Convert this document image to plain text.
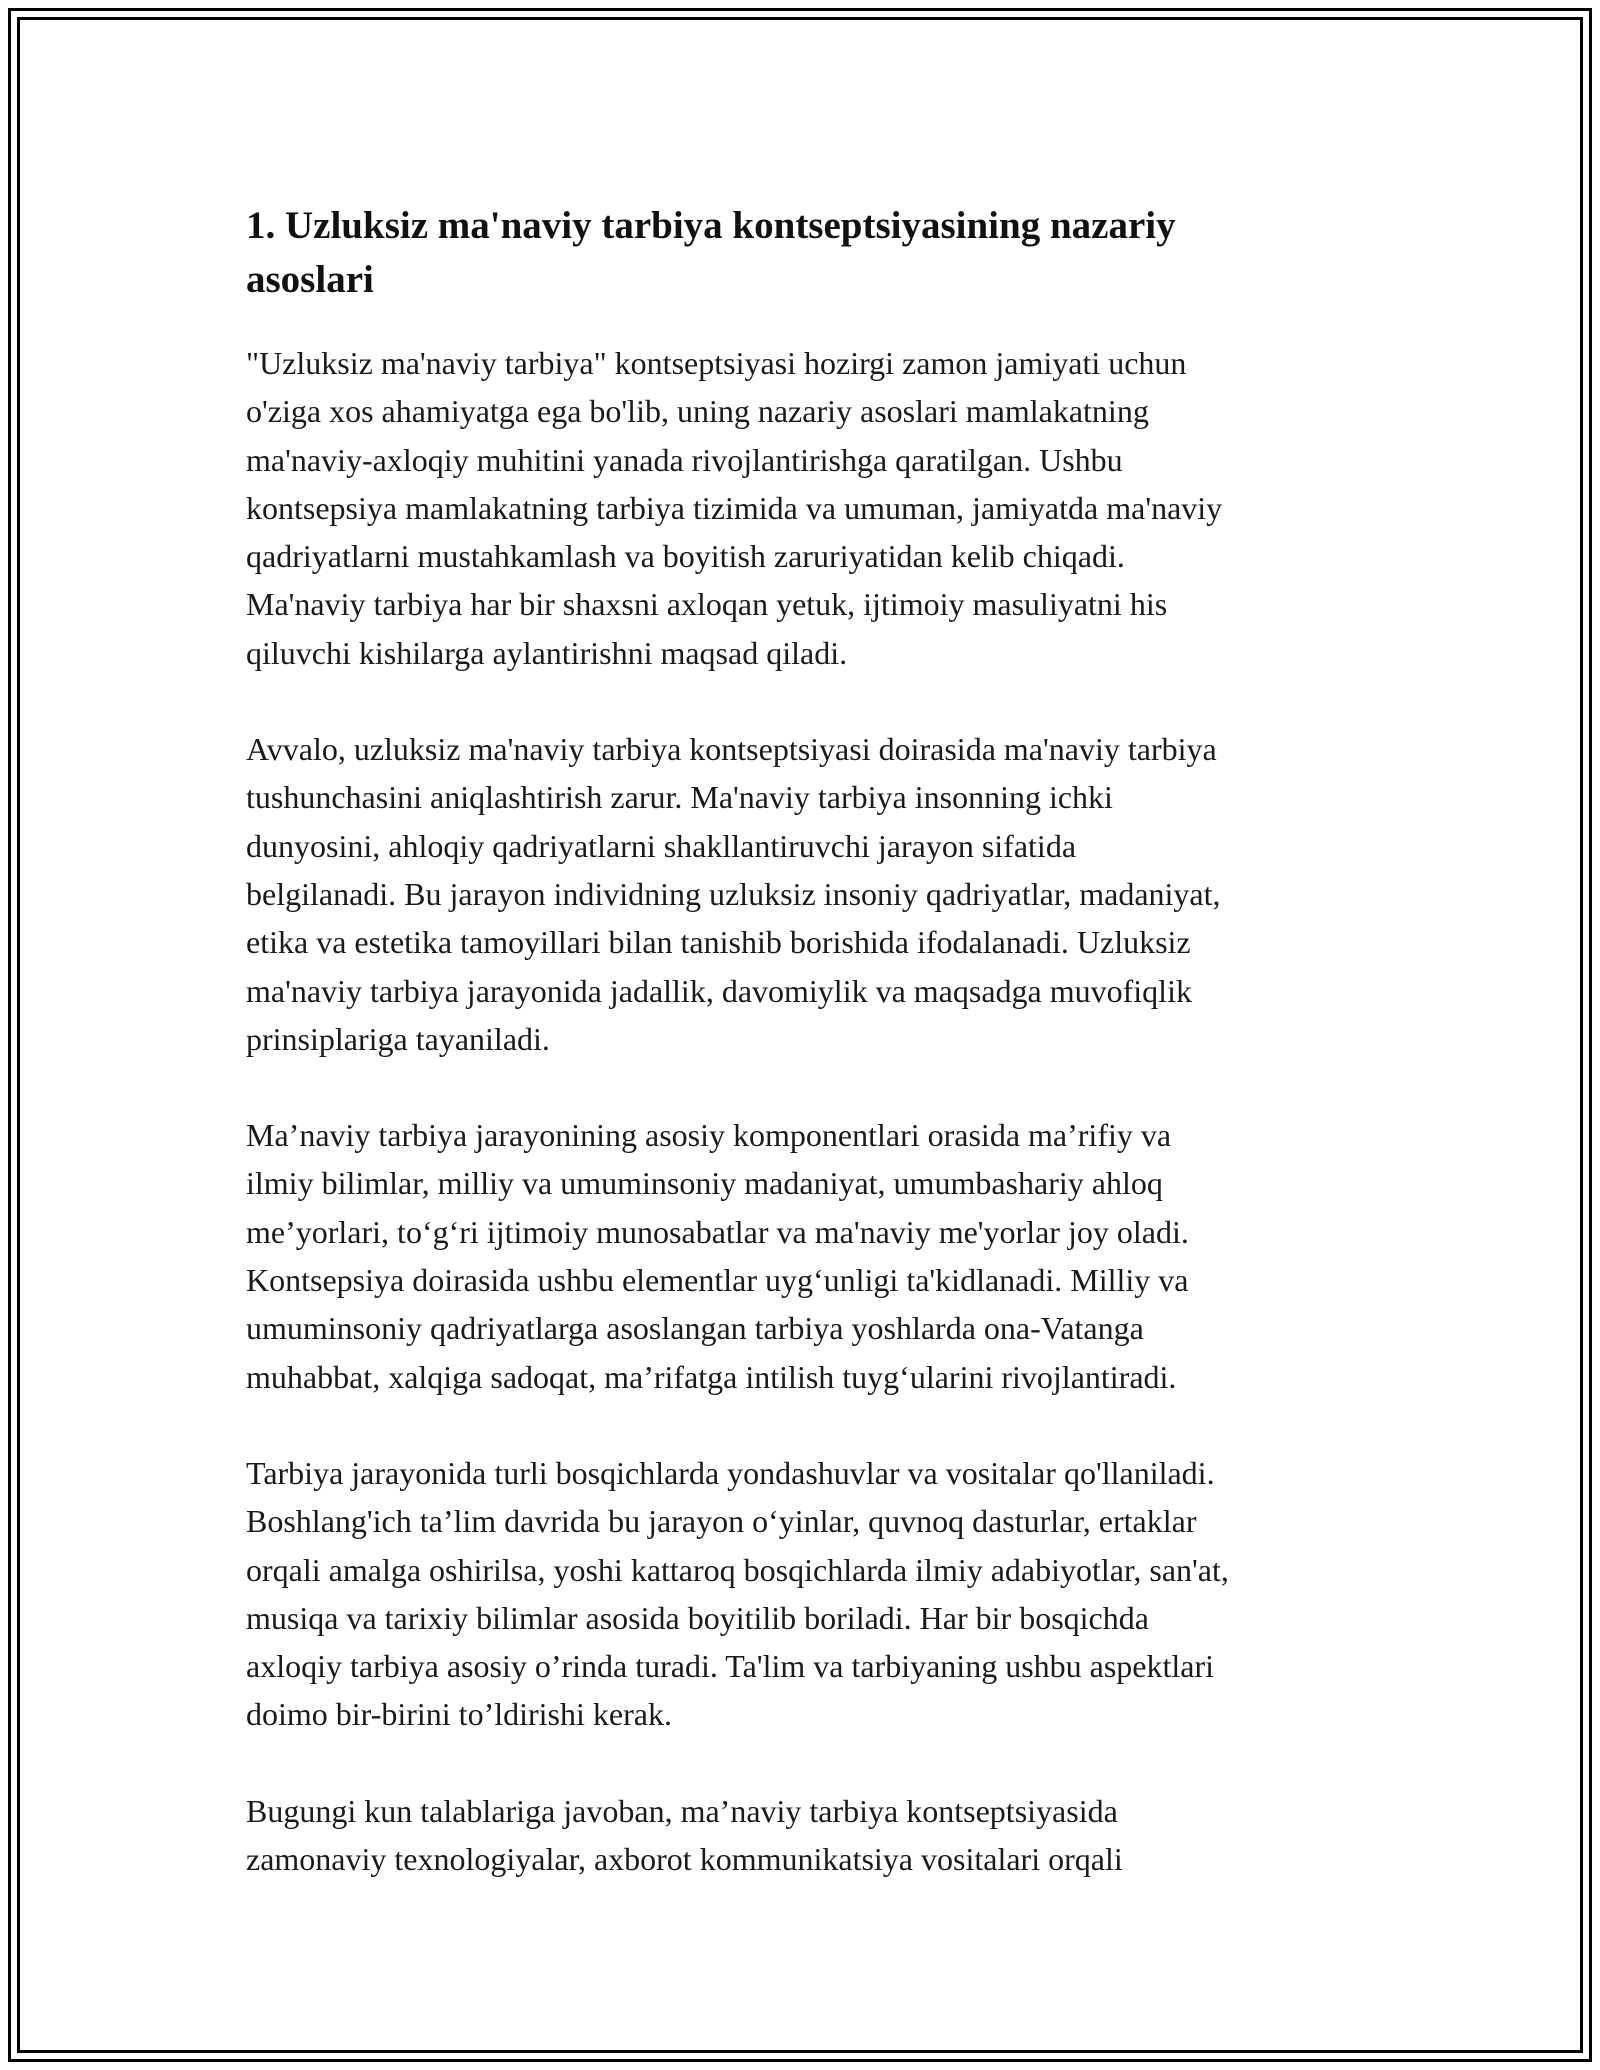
1. Uzluksiz ma'naviy tarbiya kontseptsiyasining nazariy
asoslari

"Uzluksiz ma'naviy tarbiya" kontseptsiyasi hozirgi zamon jamiyati uchun
o'ziga xos ahamiyatga ega bo'lib, uning nazariy asoslari mamlakatning
ma'naviy-axloqiy muhitini yanada rivojlantirishga qaratilgan. Ushbu
kontsepsiya mamlakatning tarbiya tizimida va umuman, jamiyatda ma'naviy
qadriyatlarni mustahkamlash va boyitish zaruriyatidan kelib chiqadi.
Ma'naviy tarbiya har bir shaxsni axloqan yetuk, ijtimoiy masuliyatni his
qiluvchi kishilarga aylantirishni maqsad qiladi.

Avvalo, uzluksiz ma'naviy tarbiya kontseptsiyasi doirasida ma'naviy tarbiya
tushunchasini aniqlashtirish zarur. Ma'naviy tarbiya insonning ichki
dunyosini, ahloqiy qadriyatlarni shakllantiruvchi jarayon sifatida
belgilanadi. Bu jarayon individning uzluksiz insoniy qadriyatlar, madaniyat,
etika va estetika tamoyillari bilan tanishib borishida ifodalanadi. Uzluksiz
ma'naviy tarbiya jarayonida jadallik, davomiylik va maqsadga muvofiqlik
prinsiplariga tayaniladi.

Ma’naviy tarbiya jarayonining asosiy komponentlari orasida ma’rifiy va
ilmiy bilimlar, milliy va umuminsoniy madaniyat, umumbashariy ahloq
me’yorlari, to‘g‘ri ijtimoiy munosabatlar va ma'naviy me'yorlar joy oladi.
Kontsepsiya doirasida ushbu elementlar uyg‘unligi ta'kidlanadi. Milliy va
umuminsoniy qadriyatlarga asoslangan tarbiya yoshlarda ona-Vatanga
muhabbat, xalqiga sadoqat, ma’rifatga intilish tuyg‘ularini rivojlantiradi.

Tarbiya jarayonida turli bosqichlarda yondashuvlar va vositalar qo'llaniladi.
Boshlang'ich ta’lim davrida bu jarayon o‘yinlar, quvnoq dasturlar, ertaklar
orqali amalga oshirilsa, yoshi kattaroq bosqichlarda ilmiy adabiyotlar, san'at,
musiqa va tarixiy bilimlar asosida boyitilib boriladi. Har bir bosqichda
axloqiy tarbiya asosiy o’rinda turadi. Ta'lim va tarbiyaning ushbu aspektlari
doimo bir-birini to’ldirishi kerak.

Bugungi kun talablariga javoban, ma’naviy tarbiya kontseptsiyasida
zamonaviy texnologiyalar, axborot kommunikatsiya vositalari orqali
